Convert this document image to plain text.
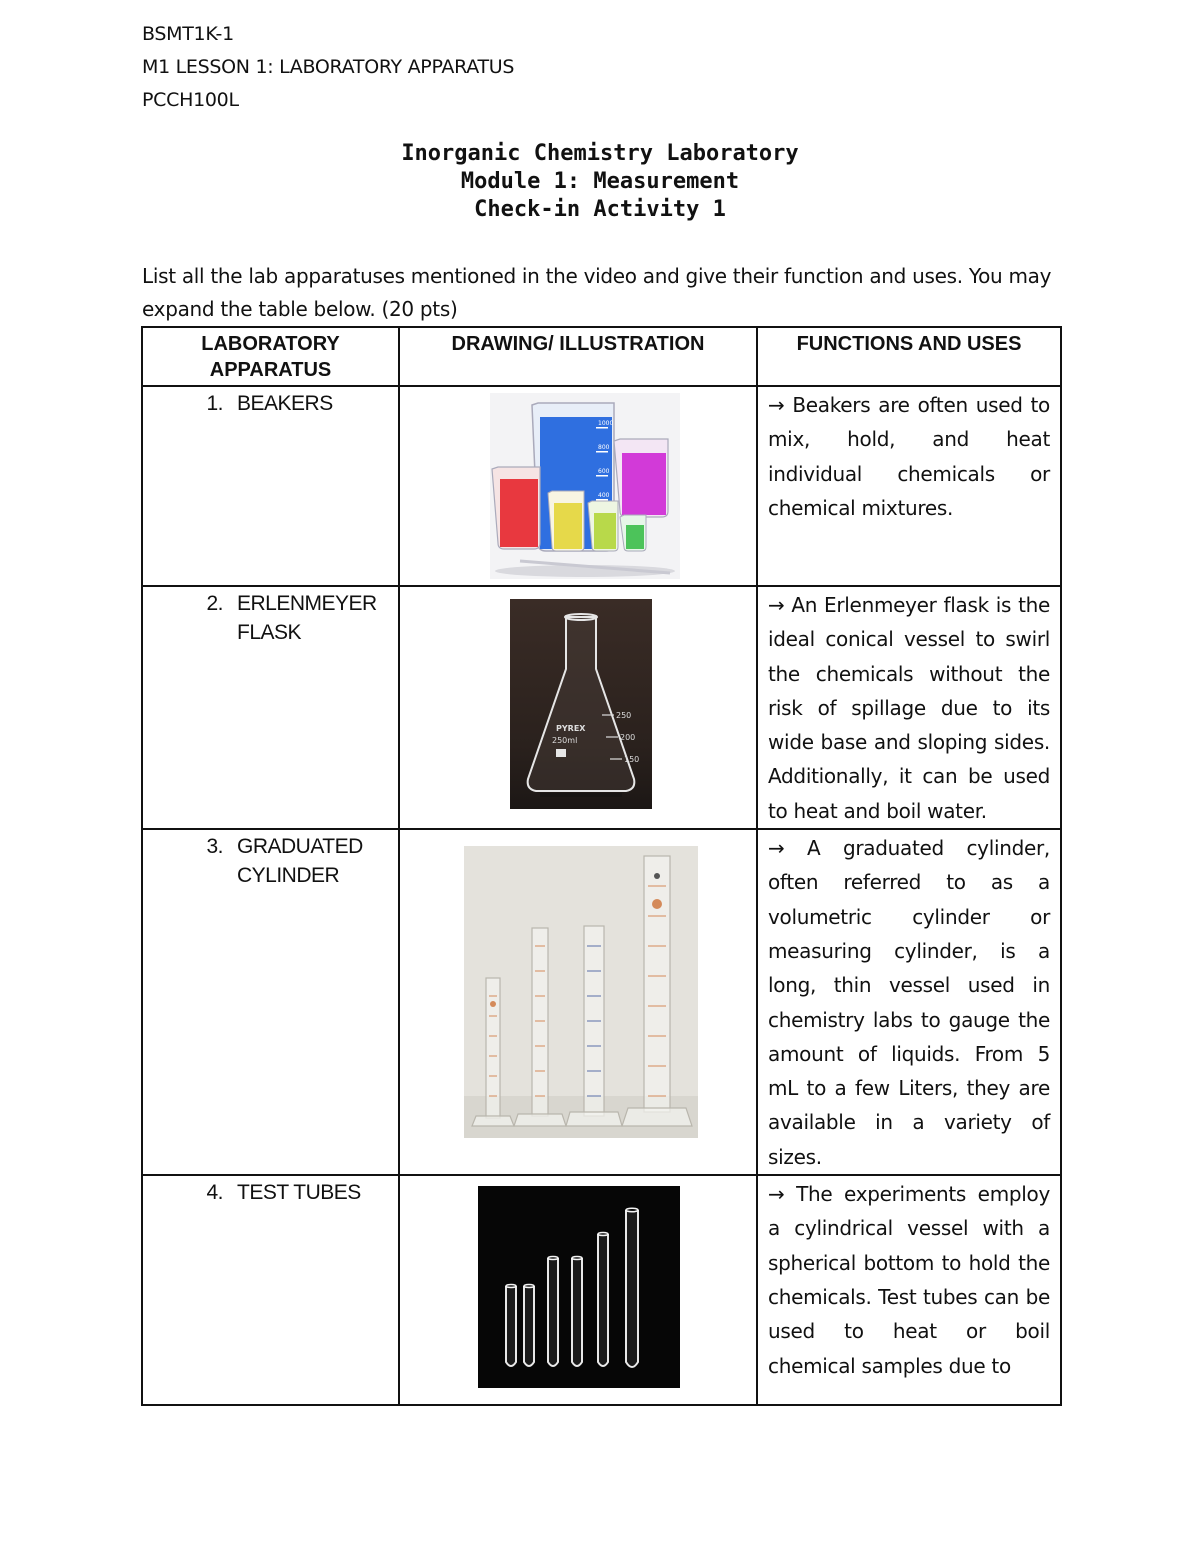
BSMT1K-1
M1 LESSON 1: LABORATORY APPARATUS
PCCH100L
Inorganic Chemistry Laboratory
Module 1: Measurement
Check-in Activity 1
List all the lab apparatuses mentioned in the video and give their function and uses. You may expand the table below. (20 pts)
LABORATORY APPARATUS	DRAWING/ ILLUSTRATION	FUNCTIONS AND USES
1. BEAKERS	1000
800
600
400	→ Beakers are often used to mix, hold, and heat individual chemicals or chemical mixtures.
2. ERLENMEYER FLASK	250
200
150
PYREX
250ml	→ An Erlenmeyer flask is the ideal conical vessel to swirl the chemicals without the risk of spillage due to its wide base and sloping sides. Additionally, it can be used to heat and boil water.
3. GRADUATED CYLINDER		→ A graduated cylinder, often referred to as a volumetric cylinder or measuring cylinder, is a long, thin vessel used in chemistry labs to gauge the amount of liquids. From 5 mL to a few Liters, they are available in a variety of sizes.
4. TEST TUBES		→ The experiments employ a cylindrical vessel with a spherical bottom to hold the chemicals. Test tubes can be used to heat or boil chemical samples due to
